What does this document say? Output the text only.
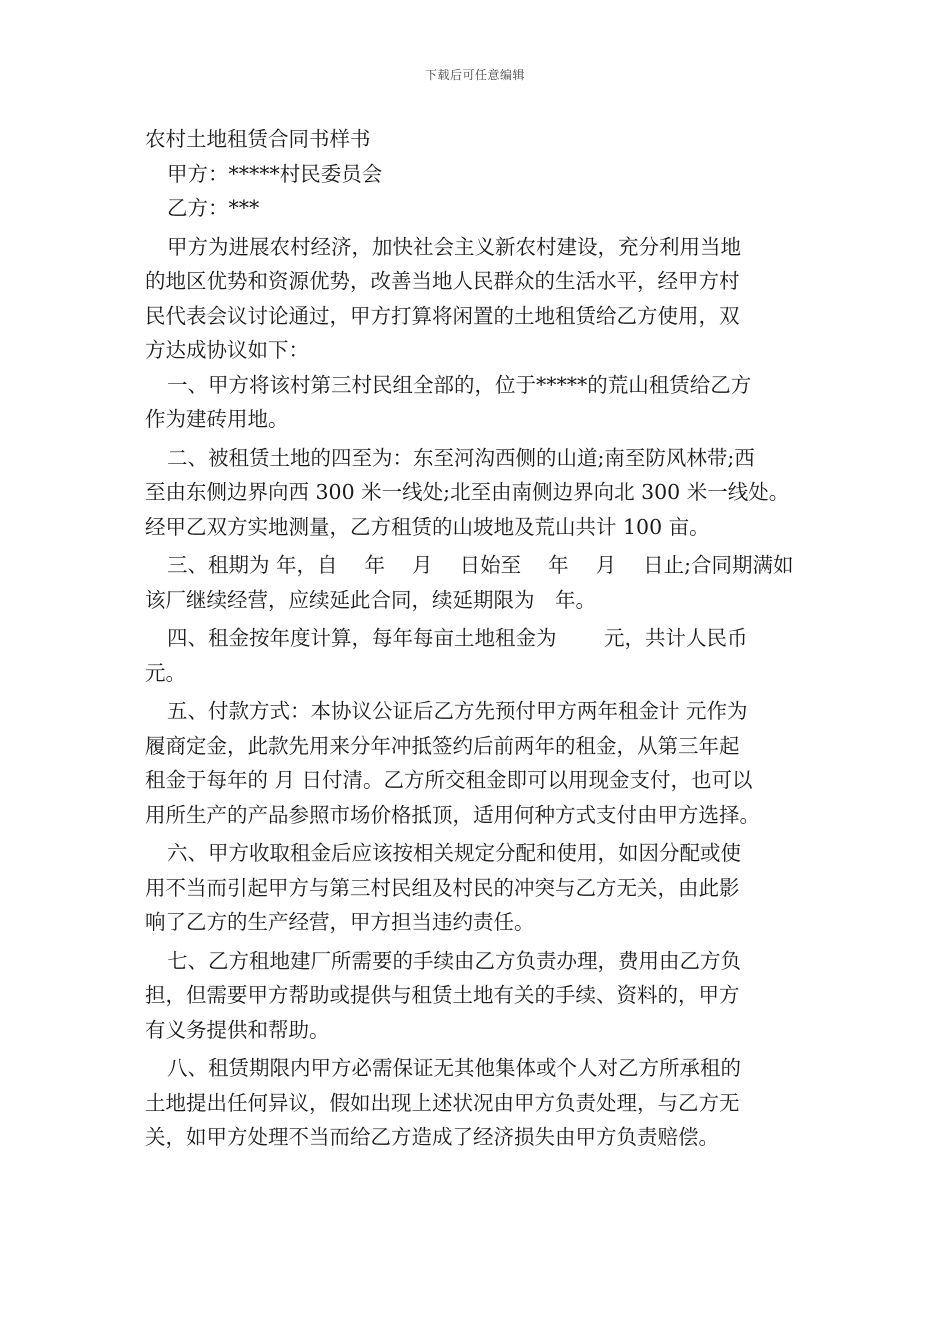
下载后可任意编辑
农村土地租赁合同书样书
甲方：*****村民委员会
乙方：***
甲方为进展农村经济，加快社会主义新农村建设，充分利用当地
的地区优势和资源优势，改善当地人民群众的生活水平，经甲方村
民代表会议讨论通过，甲方打算将闲置的土地租赁给乙方使用，双
方达成协议如下：
一、甲方将该村第三村民组全部的，位于*****的荒山租赁给乙方
作为建砖用地。
二、被租赁土地的四至为：东至河沟西侧的山道;南至防风林带;西
至由东侧边界向西 300 米一线处;北至由南侧边界向北 300 米一线处。
经甲乙双方实地测量，乙方租赁的山坡地及荒山共计 100 亩。
三、租期为 年，自　 年　 月　 日始至　 年　 月　 日止;合同期满如
该厂继续经营，应续延此合同，续延期限为　年。
四、租金按年度计算，每年每亩土地租金为　　 元，共计人民币
元。
五、付款方式：本协议公证后乙方先预付甲方两年租金计 元作为
履商定金，此款先用来分年冲抵签约后前两年的租金，从第三年起
租金于每年的 月 日付清。乙方所交租金即可以用现金支付，也可以
用所生产的产品参照市场价格抵顶，适用何种方式支付由甲方选择。
六、甲方收取租金后应该按相关规定分配和使用，如因分配或使
用不当而引起甲方与第三村民组及村民的冲突与乙方无关，由此影
响了乙方的生产经营，甲方担当违约责任。
七、乙方租地建厂所需要的手续由乙方负责办理，费用由乙方负
担，但需要甲方帮助或提供与租赁土地有关的手续、资料的，甲方
有义务提供和帮助。
八、租赁期限内甲方必需保证无其他集体或个人对乙方所承租的
土地提出任何异议，假如出现上述状况由甲方负责处理，与乙方无
关，如甲方处理不当而给乙方造成了经济损失由甲方负责赔偿。
